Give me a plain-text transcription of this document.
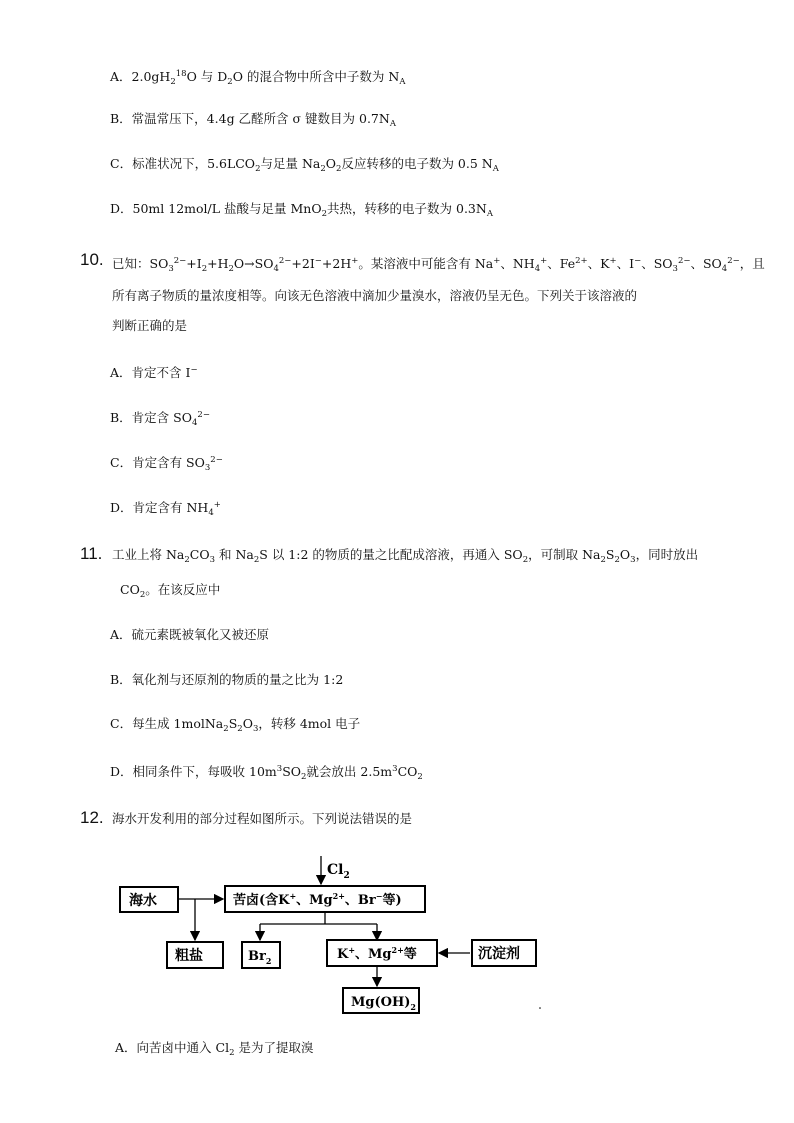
A．$2.0gH_2^{18}O$ 与 $D_2O$ 的混合物中所含中子数为 $N_A$
B．常温常压下，4.4g 乙醛所含 σ 键数目为 $0.7N_A$
C．标准状况下，$5.6LCO_2$与足量 $Na_2O_2$反应转移的电子数为 0.5 $N_A$
D．50ml 12mol/L 盐酸与足量 MnO$_2$共热，转移的电子数为 $0.3N_A$
10. 已知：$SO_3^{2-}+I_2+H_2O\to SO_4^{2-}+2I^-+2H^+$。某溶液中可能含有 Na+、$NH_4^+$、$Fe^{2+}$、K+、I−、$SO_3^{2-}$、$SO_4^{2-}$，且
所有离子物质的量浓度相等。向该无色溶液中滴加少量溴水，溶液仍呈无色。下列关于该溶液的
判断正确的是
A．肯定不含 I−
B．肯定含 $SO_4^{2-}$
C．肯定含有 $SO_3^{2-}$
D．肯定含有 $NH_4^+$
11. 工业上将 $Na_2CO_3$ 和 $Na_2S$ 以 1:2 的物质的量之比配成溶液，再通入 $SO_2$，可制取 $Na_2S_2O_3$，同时放出
$CO_2$。在该反应中
A．硫元素既被氧化又被还原
B．氧化剂与还原剂的物质的量之比为 1:2
C．每生成 $1molNa_2S_2O_3$，转移 4mol 电子
D．相同条件下，每吸收 $10m^3SO_2$就会放出 $2.5m^3CO_2$
12. 海水开发利用的部分过程如图所示。下列说法错误的是
$Cl_2$
海水	苦卤(含K+、$Mg^{2+}$、Br−等)
粗盐	$Br_2$	K+、$Mg^{2+}$等	沉淀剂
$Mg(OH)_2$
A．向苦卤中通入 $Cl_2$ 是为了提取溴
